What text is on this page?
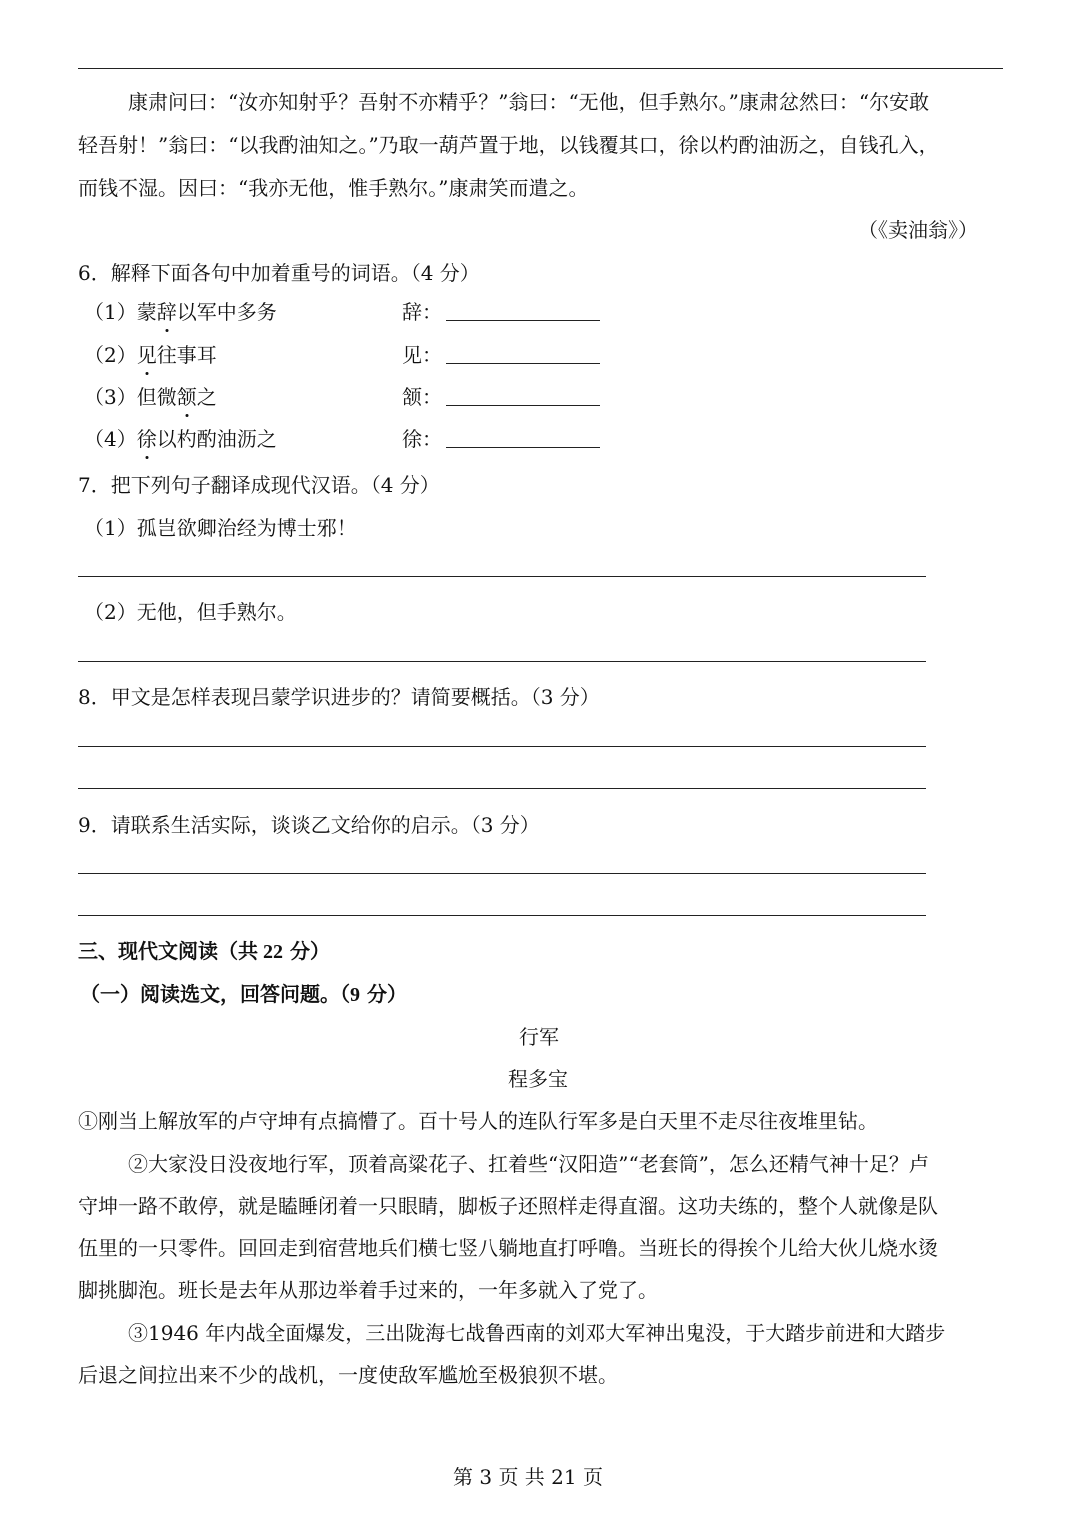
康肃问曰：“汝亦知射乎？吾射不亦精乎？”翁曰：“无他，但手熟尔。”康肃忿然曰：“尔安敢
轻吾射！”翁曰：“以我酌油知之。”乃取一葫芦置于地，以钱覆其口，徐以杓酌油沥之，自钱孔入，
而钱不湿。因曰：“我亦无他，惟手熟尔。”康肃笑而遣之。
（《卖油翁》）
6．解释下面各句中加着重号的词语。（4 分）
（1）蒙辞以军中多务	辞：
（2）见往事耳	见：
（3）但微颔之	颔：
（4）徐以杓酌油沥之	徐：
7．把下列句子翻译成现代汉语。（4 分）
（1）孤岂欲卿治经为博士邪！
（2）无他，但手熟尔。
8．甲文是怎样表现吕蒙学识进步的？请简要概括。（3 分）
9．请联系生活实际，谈谈乙文给你的启示。（3 分）
三、现代文阅读（共 22 分）
（一）阅读选文，回答问题。（9 分）
行军
程多宝
①刚当上解放军的卢守坤有点搞懵了。百十号人的连队行军多是白天里不走尽往夜堆里钻。
②大家没日没夜地行军，顶着高粱花子、扛着些“汉阳造”“老套筒”，怎么还精气神十足？卢
守坤一路不敢停，就是瞌睡闭着一只眼睛，脚板子还照样走得直溜。这功夫练的，整个人就像是队
伍里的一只零件。回回走到宿营地兵们横七竖八躺地直打呼噜。当班长的得挨个儿给大伙儿烧水烫
脚挑脚泡。班长是去年从那边举着手过来的，一年多就入了党了。
③1946 年内战全面爆发，三出陇海七战鲁西南的刘邓大军神出鬼没，于大踏步前进和大踏步
后退之间拉出来不少的战机，一度使敌军尴尬至极狼狈不堪。
第 3 页 共 21 页
